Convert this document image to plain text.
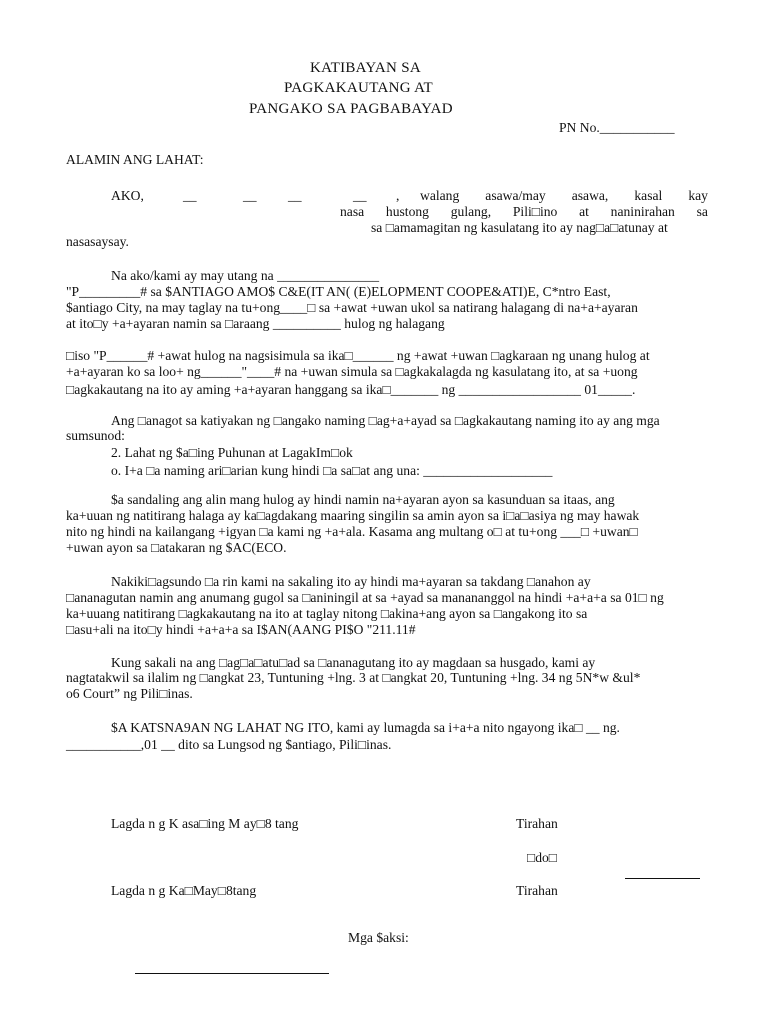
KATIBAYAN SA
PAGKAKAUTANG AT
PANGAKO SA PAGBABAYAD
PN No.___________
ALAMIN ANG LAHAT:
AKO,	__	__ __	__ , walang asawa/may asawa, kasal kay
nasa hustong gulang, Pili□ino at naninirahan sa
sa □amamagitan ng kasulatang ito ay nag□a□atunay at
nasasaysay.
Na ako/kami ay may utang na _______________
"P_________# sa $ANTIAGO AMO$ C&E(IT AN( (E)ELOPMENT COOPE&ATI)E, C*ntro East,
$antiago City, na may taglay na tu+ong____□ sa +awat +uwan ukol sa natirang halagang di na+a+ayaran
at ito□y +a+ayaran namin sa □araang __________ hulog ng halagang
□iso "P______# +awat hulog na nagsisimula sa ika□______ ng +awat +uwan □agkaraan ng unang hulog at
+a+ayaran ko sa loo+ ng______"____# na +uwan simula sa □agkakalagda ng kasulatang ito, at sa +uong
□agkakautang na ito ay aming +a+ayaran hanggang sa ika□_______ ng __________________ 01_____.
Ang □anagot sa katiyakan ng □angako naming □ag+a+ayad sa □agkakautang naming ito ay ang mga
sumsunod:
2. Lahat ng $a□ing Puhunan at LagakIm□ok
o. I+a □a naming ari□arian kung hindi □a sa□at ang una: ___________________
$a sandaling ang alin mang hulog ay hindi namin na+ayaran ayon sa kasunduan sa itaas, ang
ka+uuan ng natitirang halaga ay ka□agdakang maaring singilin sa amin ayon sa i□a□asiya ng may hawak
nito ng hindi na kailangang +igyan □a kami ng +a+ala. Kasama ang multang o□ at tu+ong ___□ +uwan□
+uwan ayon sa □atakaran ng $AC(ECO.
Nakiki□agsundo □a rin kami na sakaling ito ay hindi ma+ayaran sa takdang □anahon ay
□ananagutan namin ang anumang gugol sa □aniningil at sa +ayad sa manananggol na hindi +a+a+a sa 01□ ng
ka+uuang natitirang □agkakautang na ito at taglay nitong □akina+ang ayon sa □angakong ito sa
□asu+ali na ito□y hindi +a+a+a sa I$AN(AANG PI$O "211.11#
Kung sakali na ang □ag□a□atu□ad sa □ananagutang ito ay magdaan sa husgado, kami ay
nagtatakwil sa ilalim ng □angkat 23, Tuntuning +lng. 3 at □angkat 20, Tuntuning +lng. 34 ng 5N*w &ul*
o6 Court” ng Pili□inas.
$A KATSNA9AN NG LAHAT NG ITO, kami ay lumagda sa i+a+a nito ngayong ika□ __ ng.
___________,01 __ dito sa Lungsod ng $antiago, Pili□inas.
Lagda n g K asa□ing M ay□8 tang	Tirahan
□do□
Lagda n g Ka□May□8tang	Tirahan
Mga $aksi:
